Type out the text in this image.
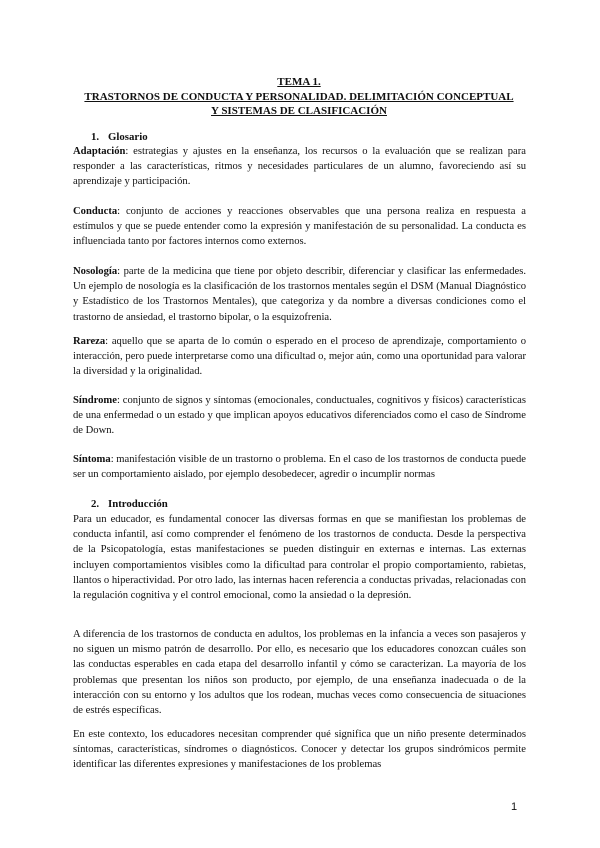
TEMA 1.
TRASTORNOS DE CONDUCTA Y PERSONALIDAD. DELIMITACIÓN CONCEPTUAL
Y SISTEMAS DE CLASIFICACIÓN
1. Glosario

Adaptación: estrategias y ajustes en la enseñanza, los recursos o la evaluación que se realizan para responder a las características, ritmos y necesidades particulares de un alumno, favoreciendo así su aprendizaje y participación.

Conducta: conjunto de acciones y reacciones observables que una persona realiza en respuesta a estímulos y que se puede entender como la expresión y manifestación de su personalidad. La conducta es influenciada tanto por factores internos como externos.

Nosología: parte de la medicina que tiene por objeto describir, diferenciar y clasificar las enfermedades. Un ejemplo de nosología es la clasificación de los trastornos mentales según el DSM (Manual Diagnóstico y Estadístico de los Trastornos Mentales), que categoriza y da nombre a diversas condiciones como el trastorno de ansiedad, el trastorno bipolar, o la esquizofrenia.

Rareza: aquello que se aparta de lo común o esperado en el proceso de aprendizaje, comportamiento o interacción, pero puede interpretarse como una dificultad o, mejor aún, como una oportunidad para valorar la diversidad y la originalidad.

Síndrome: conjunto de signos y síntomas (emocionales, conductuales, cognitivos y físicos) características de una enfermedad o un estado y que implican apoyos educativos diferenciados como el caso de Síndrome de Down.

Síntoma: manifestación visible de un trastorno o problema. En el caso de los trastornos de conducta puede ser un comportamiento aislado, por ejemplo desobedecer, agredir o incumplir normas

2. Introducción

Para un educador, es fundamental conocer las diversas formas en que se manifiestan los problemas de conducta infantil, así como comprender el fenómeno de los trastornos de conducta. Desde la perspectiva de la Psicopatología, estas manifestaciones se pueden distinguir en externas e internas. Las externas incluyen comportamientos visibles como la dificultad para controlar el propio comportamiento, rabietas, llantos o hiperactividad. Por otro lado, las internas hacen referencia a conductas privadas, relacionadas con la regulación cognitiva y el control emocional, como la ansiedad o la depresión.

A diferencia de los trastornos de conducta en adultos, los problemas en la infancia a veces son pasajeros y no siguen un mismo patrón de desarrollo. Por ello, es necesario que los educadores conozcan cuáles son las conductas esperables en cada etapa del desarrollo infantil y cómo se caracterizan. La mayoría de los problemas que presentan los niños son producto, por ejemplo, de una enseñanza inadecuada o de la interacción con su entorno y los adultos que los rodean, muchas veces como consecuencia de situaciones de estrés específicas.

En este contexto, los educadores necesitan comprender qué significa que un niño presente determinados síntomas, características, síndromes o diagnósticos. Conocer y detectar los grupos sindrómicos permite identificar las diferentes expresiones y manifestaciones de los problemas

1
